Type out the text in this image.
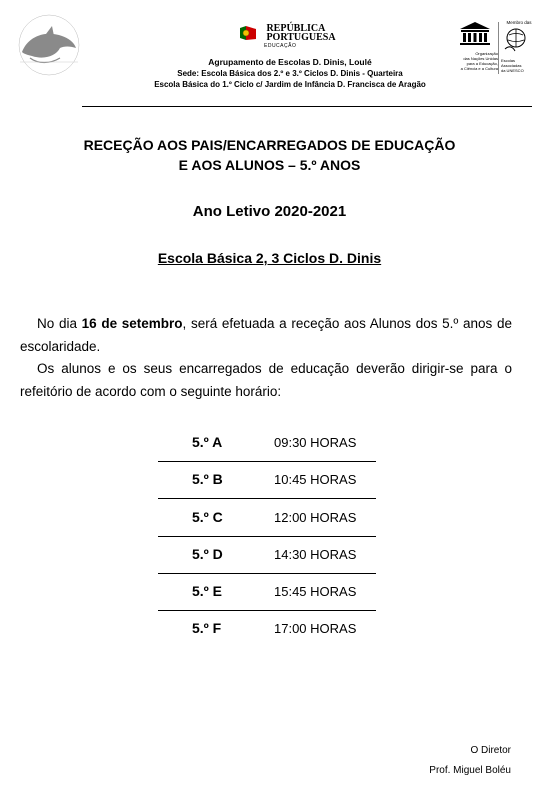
REPÚBLICA
PORTUGUESA
EDUCAÇÃO
Agrupamento de Escolas D. Dinis, Loulé
Sede: Escola Básica dos 2.º e 3.º Ciclos D. Dinis - Quarteira
Escola Básica do 1.º Ciclo c/ Jardim de Infância D. Francisca de Aragão
Organização
das Nações Unidas
para a Educação,
a Ciência e a Cultura
Membro das
Escolas
Associadas
da UNESCO
RECEÇÃO AOS PAIS/ENCARREGADOS DE EDUCAÇÃO
E AOS ALUNOS – 5.º ANOS
Ano Letivo 2020-2021
Escola Básica 2, 3 Ciclos D. Dinis
No dia 16 de setembro, será efetuada a receção aos Alunos dos 5.º anos de escolaridade.
Os alunos e os seus encarregados de educação deverão dirigir-se para o refeitório de acordo com o seguinte horário:
5.º A	09:30 HORAS
5.º B	10:45 HORAS
5.º C	12:00 HORAS
5.º D	14:30 HORAS
5.º E	15:45 HORAS
5.º F	17:00 HORAS
O Diretor
Prof. Miguel Boléu
